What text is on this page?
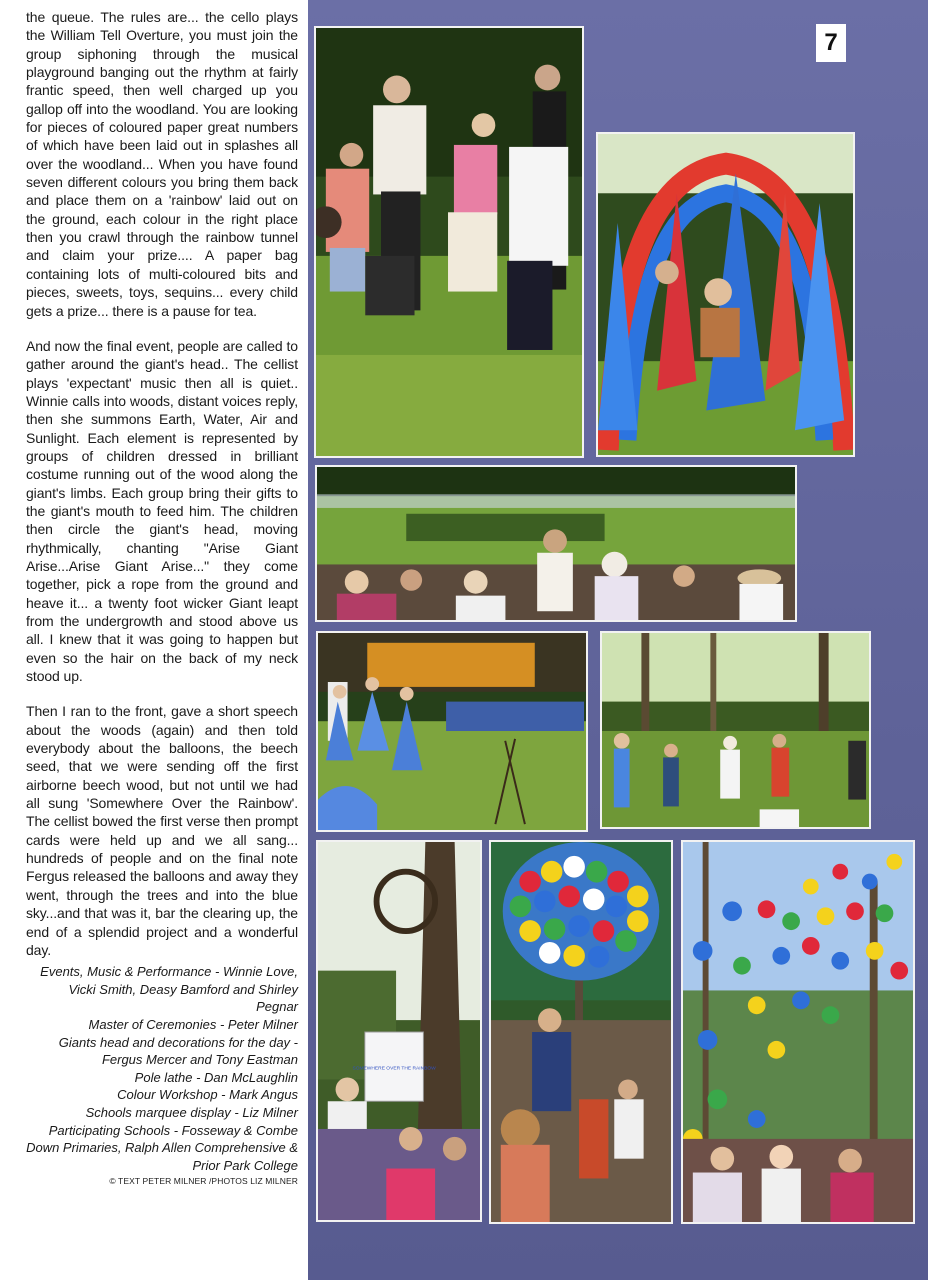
the queue. The rules are... the cello plays the William Tell Overture, you must join the group siphoning through the musical playground banging out the rhythm at fairly frantic speed, then well charged up you gallop off into the woodland. You are looking for pieces of coloured paper great numbers of which have been laid out in splashes all over the woodland... When you have found seven different colours you bring them back and place them on a 'rainbow' laid out on the ground, each colour in the right place then you crawl through the rainbow tunnel and claim your prize.... A paper bag containing lots of multi-coloured bits and pieces, sweets, toys, sequins... every child gets a prize... there is a pause for tea.

And now the final event, people are called to gather around the giant's head.. The cellist plays 'expectant' music then all is quiet.. Winnie calls into woods, distant voices reply, then she summons Earth, Water, Air and Sunlight. Each element is represented by groups of children dressed in brilliant costume running out of the wood along the giant's limbs. Each group bring their gifts to the giant's mouth to feed him. The children then circle the giant's head, moving rhythmically, chanting "Arise Giant Arise...Arise Giant Arise..." they come together, pick a rope from the ground and heave it... a twenty foot wicker Giant leapt from the undergrowth and stood above us all. I knew that it was going to happen but even so the hair on the back of my neck stood up.

Then I ran to the front, gave a short speech about the woods (again) and then told everybody about the balloons, the beech seed, that we were sending off the first airborne beech wood, but not until we had all sung 'Somewhere Over the Rainbow'. The cellist bowed the first verse then prompt cards were held up and we all sang... hundreds of people and on the final note Fergus released the balloons and away they went, through the trees and into the blue sky...and that was it, bar the clearing up, the end of a splendid project and a wonderful day.

Events, Music & Performance - Winnie Love, Vicki Smith, Deasy Bamford and Shirley Pegnar
Master of Ceremonies - Peter Milner
Giants head and decorations for the day - Fergus Mercer and Tony Eastman
Pole lathe - Dan McLaughlin
Colour Workshop - Mark Angus
Schools marquee display - Liz Milner
Participating Schools - Fosseway & Combe Down Primaries, Ralph Allen Comprehensive & Prior Park College
© TEXT PETER MILNER /PHOTOS LIZ MILNER
7
SOMEWHERE OVER THE RAINBOW
